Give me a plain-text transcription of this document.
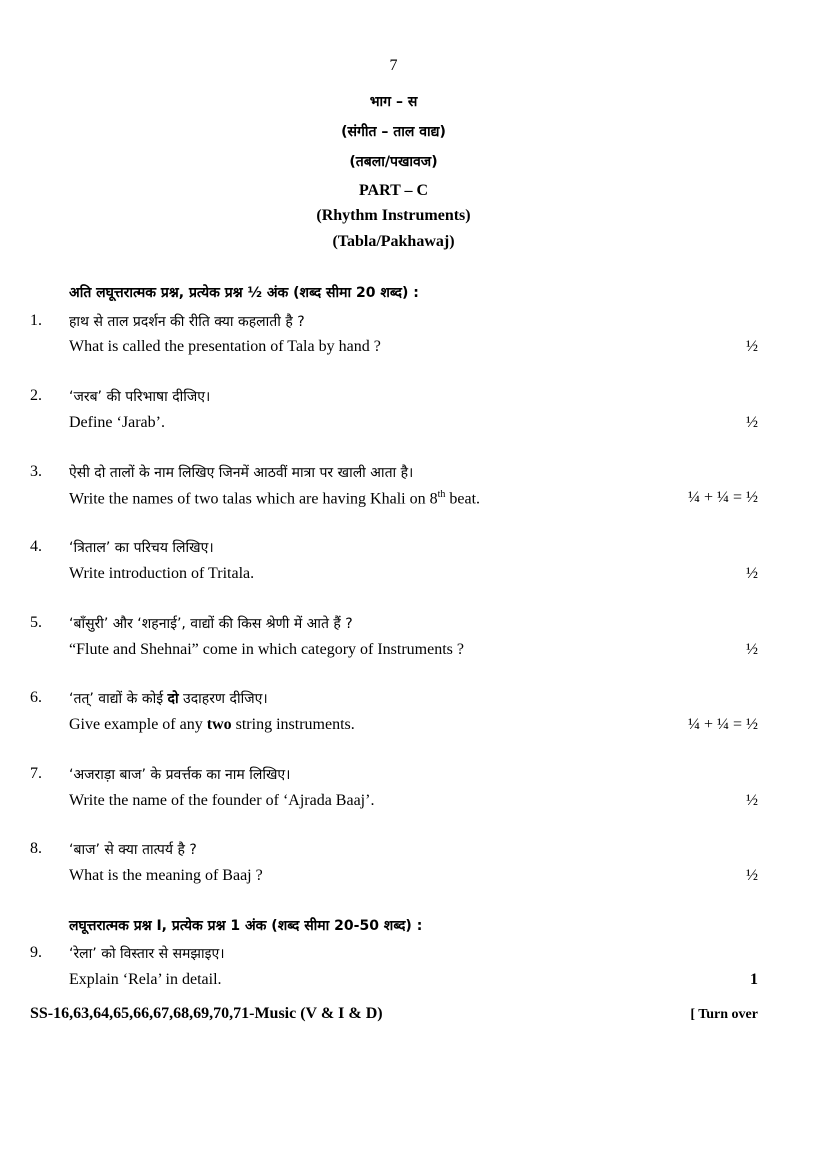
7
भाग – स
(संगीत – ताल वाद्य)
(तबला/पखावज)
PART – C
(Rhythm Instruments)
(Tabla/Pakhawaj)
अति लघूत्तरात्मक प्रश्न, प्रत्येक प्रश्न ½ अंक (शब्द सीमा 20 शब्द) :
1. हाथ से ताल प्रदर्शन की रीति क्या कहलाती है ?
What is called the presentation of Tala by hand ?	½
2. ‘जरब’ की परिभाषा दीजिए।
Define ‘Jarab’.	½
3. ऐसी दो तालों के नाम लिखिए जिनमें आठवीं मात्रा पर खाली आता है।
Write the names of two talas which are having Khali on 8th beat.	¼ + ¼ = ½
4. ‘त्रिताल’ का परिचय लिखिए।
Write introduction of Tritala.	½
5. ‘बाँसुरी’ और ‘शहनाई’, वाद्यों की किस श्रेणी में आते हैं ?
“Flute and Shehnai” come in which category of Instruments ?	½
6. ‘तत्’ वाद्यों के कोई दो उदाहरण दीजिए।
Give example of any two string instruments.	¼ + ¼ = ½
7. ‘अजराड़ा बाज’ के प्रवर्त्तक का नाम लिखिए।
Write the name of the founder of ‘Ajrada Baaj’.	½
8. ‘बाज’ से क्या तात्पर्य है ?
What is the meaning of Baaj ?	½
लघूत्तरात्मक प्रश्न I, प्रत्येक प्रश्न 1 अंक (शब्द सीमा 20-50 शब्द) :
9. ‘रेला’ को विस्तार से समझाइए।
Explain ‘Rela’ in detail.	1
SS-16,63,64,65,66,67,68,69,70,71-Music (V & I & D)	[ Turn over
